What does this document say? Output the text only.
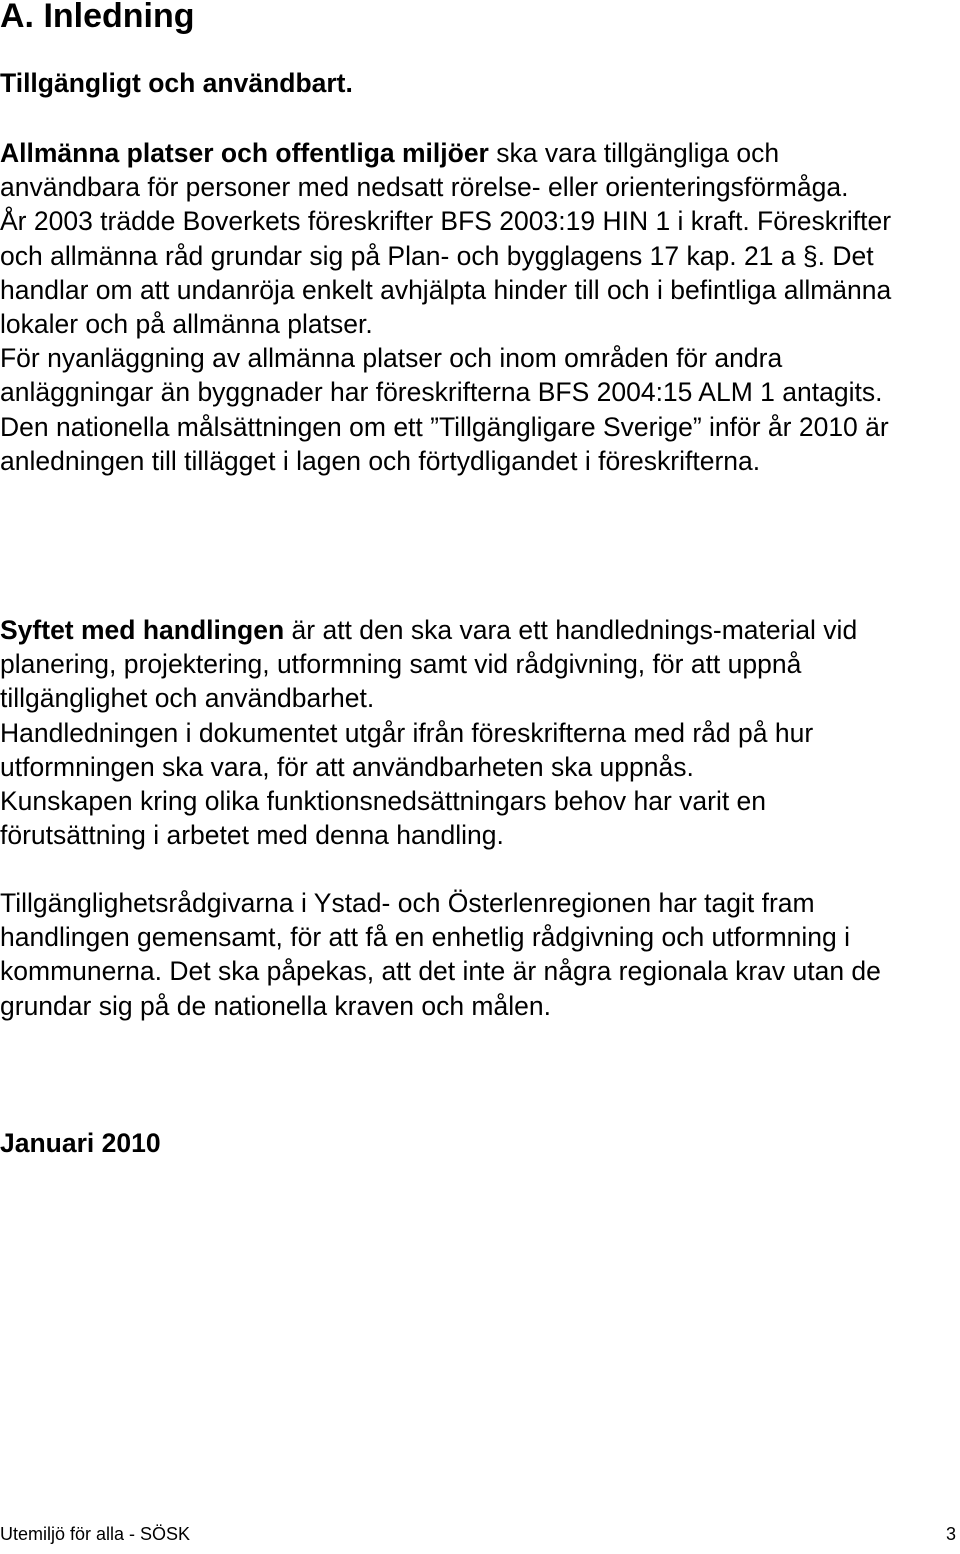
A. Inledning
Tillgängligt och användbart.

Allmänna platser och offentliga miljöer ska vara tillgängliga och användbara för personer med nedsatt rörelse- eller orienteringsförmåga.

År 2003 trädde Boverkets föreskrifter BFS 2003:19 HIN 1 i kraft. Föreskrifter och allmänna råd grundar sig på Plan- och bygglagens 17 kap. 21 a §. Det handlar om att undanröja enkelt avhjälpta hinder till och i befintliga allmänna lokaler och på allmänna platser.

För nyanläggning av allmänna platser och inom områden för andra anläggningar än byggnader har föreskrifterna BFS 2004:15 ALM 1 antagits.

Den nationella målsättningen om ett ”Tillgängligare Sverige” inför år 2010 är anledningen till tillägget i lagen och förtydligandet i föreskrifterna.

Syftet med handlingen är att den ska vara ett handlednings-material vid planering, projektering, utformning samt vid rådgivning, för att uppnå tillgänglighet och användbarhet.

Handledningen i dokumentet utgår ifrån föreskrifterna med råd på hur utformningen ska vara, för att användbarheten ska uppnås.

Kunskapen kring olika funktionsnedsättningars behov har varit en förutsättning i arbetet med denna handling.

Tillgänglighetsrådgivarna i Ystad- och Österlenregionen har tagit fram handlingen gemensamt, för att få en enhetlig rådgivning och utformning i kommunerna. Det ska påpekas, att det inte är några regionala krav utan de grundar sig på de nationella kraven och målen.

Januari 2010

Utemiljö för alla - SÖSK	3
